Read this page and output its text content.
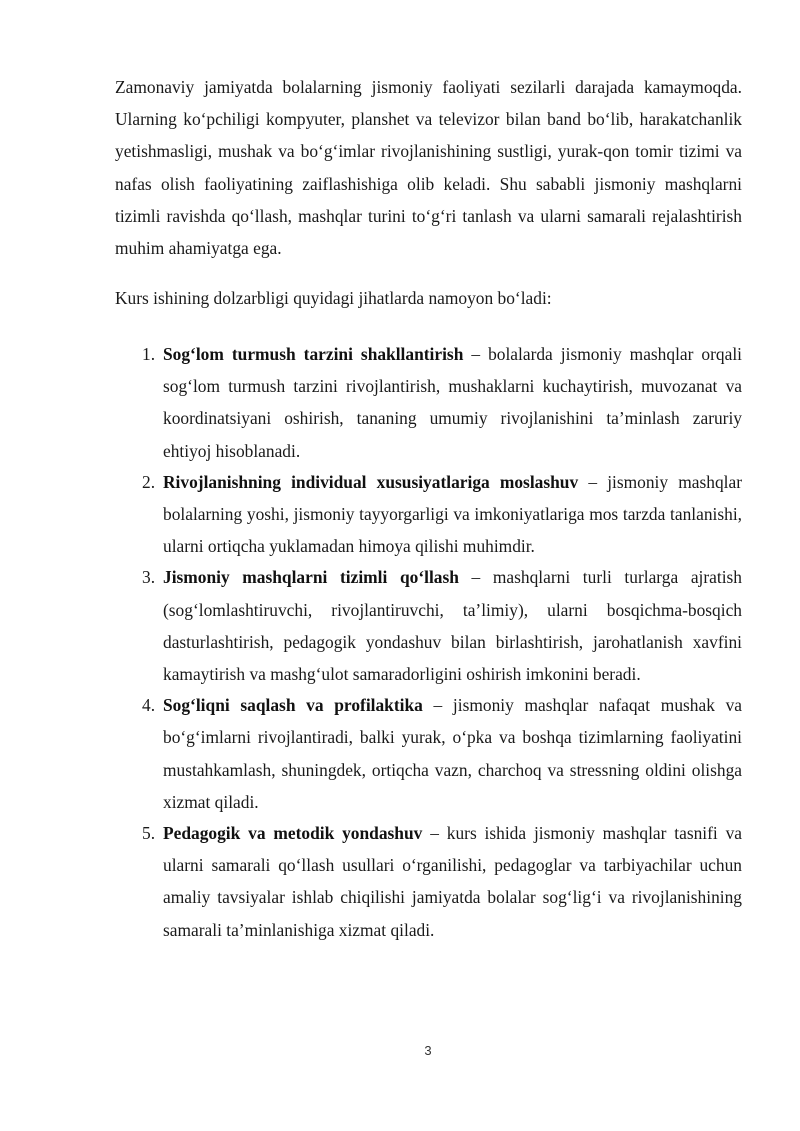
Zamonaviy jamiyatda bolalarning jismoniy faoliyati sezilarli darajada kamaymoqda. Ularning ko‘pchiligi kompyuter, planshet va televizor bilan band bo‘lib, harakatchanlik yetishmasligi, mushak va bo‘g‘imlar rivojlanishining sustligi, yurak-qon tomir tizimi va nafas olish faoliyatining zaiflashishiga olib keladi. Shu sababli jismoniy mashqlarni tizimli ravishda qo‘llash, mashqlar turini to‘g‘ri tanlash va ularni samarali rejalashtirish muhim ahamiyatga ega.

Kurs ishining dolzarbligi quyidagi jihatlarda namoyon bo‘ladi:

1. Sog‘lom turmush tarzini shakllantirish – bolalarda jismoniy mashqlar orqali sog‘lom turmush tarzini rivojlantirish, mushaklarni kuchaytirish, muvozanat va koordinatsiyani oshirish, tananing umumiy rivojlanishini ta’minlash zaruriy ehtiyoj hisoblanadi.
2. Rivojlanishning individual xususiyatlariga moslashuv – jismoniy mashqlar bolalarning yoshi, jismoniy tayyorgarligi va imkoniyatlariga mos tarzda tanlanishi, ularni ortiqcha yuklamadan himoya qilishi muhimdir.
3. Jismoniy mashqlarni tizimli qo‘llash – mashqlarni turli turlarga ajratish (sog‘lomlashtiruvchi, rivojlantiruvchi, ta’limiy), ularni bosqichma-bosqich dasturlashtirish, pedagogik yondashuv bilan birlashtirish, jarohatlanish xavfini kamaytirish va mashg‘ulot samaradorligini oshirish imkonini beradi.
4. Sog‘liqni saqlash va profilaktika – jismoniy mashqlar nafaqat mushak va bo‘g‘imlarni rivojlantiradi, balki yurak, o‘pka va boshqa tizimlarning faoliyatini mustahkamlash, shuningdek, ortiqcha vazn, charchoq va stressning oldini olishga xizmat qiladi.
5. Pedagogik va metodik yondashuv – kurs ishida jismoniy mashqlar tasnifi va ularni samarali qo‘llash usullari o‘rganilishi, pedagoglar va tarbiyachilar uchun amaliy tavsiyalar ishlab chiqilishi jamiyatda bolalar sog‘lig‘i va rivojlanishining samarali ta’minlanishiga xizmat qiladi.
3
